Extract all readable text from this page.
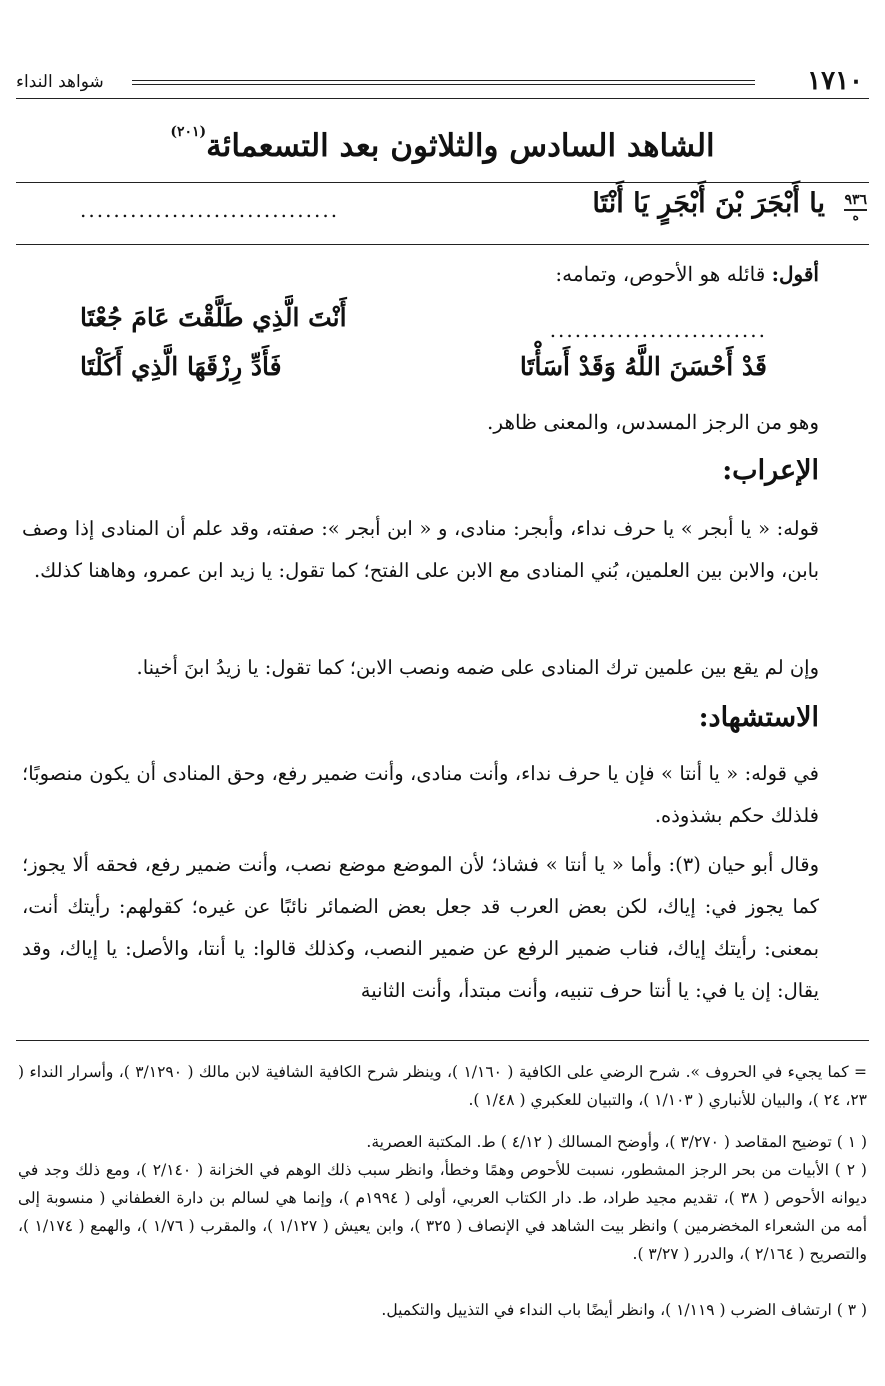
١٧١٠
شواهد النداء
الشاهد السادس والثلاثون بعد التسعمائة$^{(٢٠١)}$
٩٣٦
ه
يا أَبْجَرَ بْنَ أَبْجَرٍ يَا أَنْتَا
...............................
أقول: قائله هو الأحوص، وتمامه:
..........................
أَنْتَ الَّذِي طَلَّقْتَ عَامَ جُعْتَا
قَدْ أَحْسَنَ اللَّهُ وَقَدْ أَسَأْتَا
فَأَدِّ رِزْقَهَا الَّذِي أَكَلْتَا
وهو من الرجز المسدس، والمعنى ظاهر.
الإعراب:
قوله: « يا أبجر » يا حرف نداء، وأبجر: منادى، و « ابن أبجر »: صفته، وقد علم أن المنادى إذا وصف بابن، والابن بين العلمين، بُني المنادى مع الابن على الفتح؛ كما تقول: يا زيد ابن عمرو، وهاهنا كذلك.
وإن لم يقع بين علمين ترك المنادى على ضمه ونصب الابن؛ كما تقول: يا زيدُ ابنَ أخينا.
الاستشهاد:
في قوله: « يا أنتا » فإن يا حرف نداء، وأنت منادى، وأنت ضمير رفع، وحق المنادى أن يكون منصوبًا؛ فلذلك حكم بشذوذه.
وقال أبو حيان (٣): وأما « يا أنتا » فشاذ؛ لأن الموضع موضع نصب، وأنت ضمير رفع، فحقه ألا يجوز؛ كما يجوز في: إياك، لكن بعض العرب قد جعل بعض الضمائر نائبًا عن غيره؛ كقولهم: رأيتك أنت، بمعنى: رأيتك إياك، فناب ضمير الرفع عن ضمير النصب، وكذلك قالوا: يا أنتا، والأصل: يا إياك، وقد يقال: إن يا في: يا أنتا حرف تنبيه، وأنت مبتدأ، وأنت الثانية
= كما يجيء في الحروف ». شرح الرضي على الكافية ( ١/١٦٠ )، وينظر شرح الكافية الشافية لابن مالك ( ٣/١٢٩٠ )، وأسرار النداء ( ٢٣، ٢٤ )، والبيان للأنباري ( ١/١٠٣ )، والتبيان للعكبري ( ١/٤٨ ).
( ١ ) توضيح المقاصد ( ٣/٢٧٠ )، وأوضح المسالك ( ٤/١٢ ) ط. المكتبة العصرية.
( ٢ ) الأبيات من بحر الرجز المشطور، نسبت للأحوص وهمًا وخطأ، وانظر سبب ذلك الوهم في الخزانة ( ٢/١٤٠ )، ومع ذلك وجد في ديوانه الأحوص ( ٣٨ )، تقديم مجيد طراد، ط. دار الكتاب العربي، أولى ( ١٩٩٤م )، وإنما هي لسالم بن دارة الغطفاني ( منسوبة إلى أمه من الشعراء المخضرمين ) وانظر بيت الشاهد في الإنصاف ( ٣٢٥ )، وابن يعيش ( ١/١٢٧ )، والمقرب ( ١/٧٦ )، والهمع ( ١/١٧٤ )، والتصريح ( ٢/١٦٤ )، والدرر ( ٣/٢٧ ).
( ٣ ) ارتشاف الضرب ( ١/١١٩ )، وانظر أيضًا باب النداء في التذييل والتكميل.
